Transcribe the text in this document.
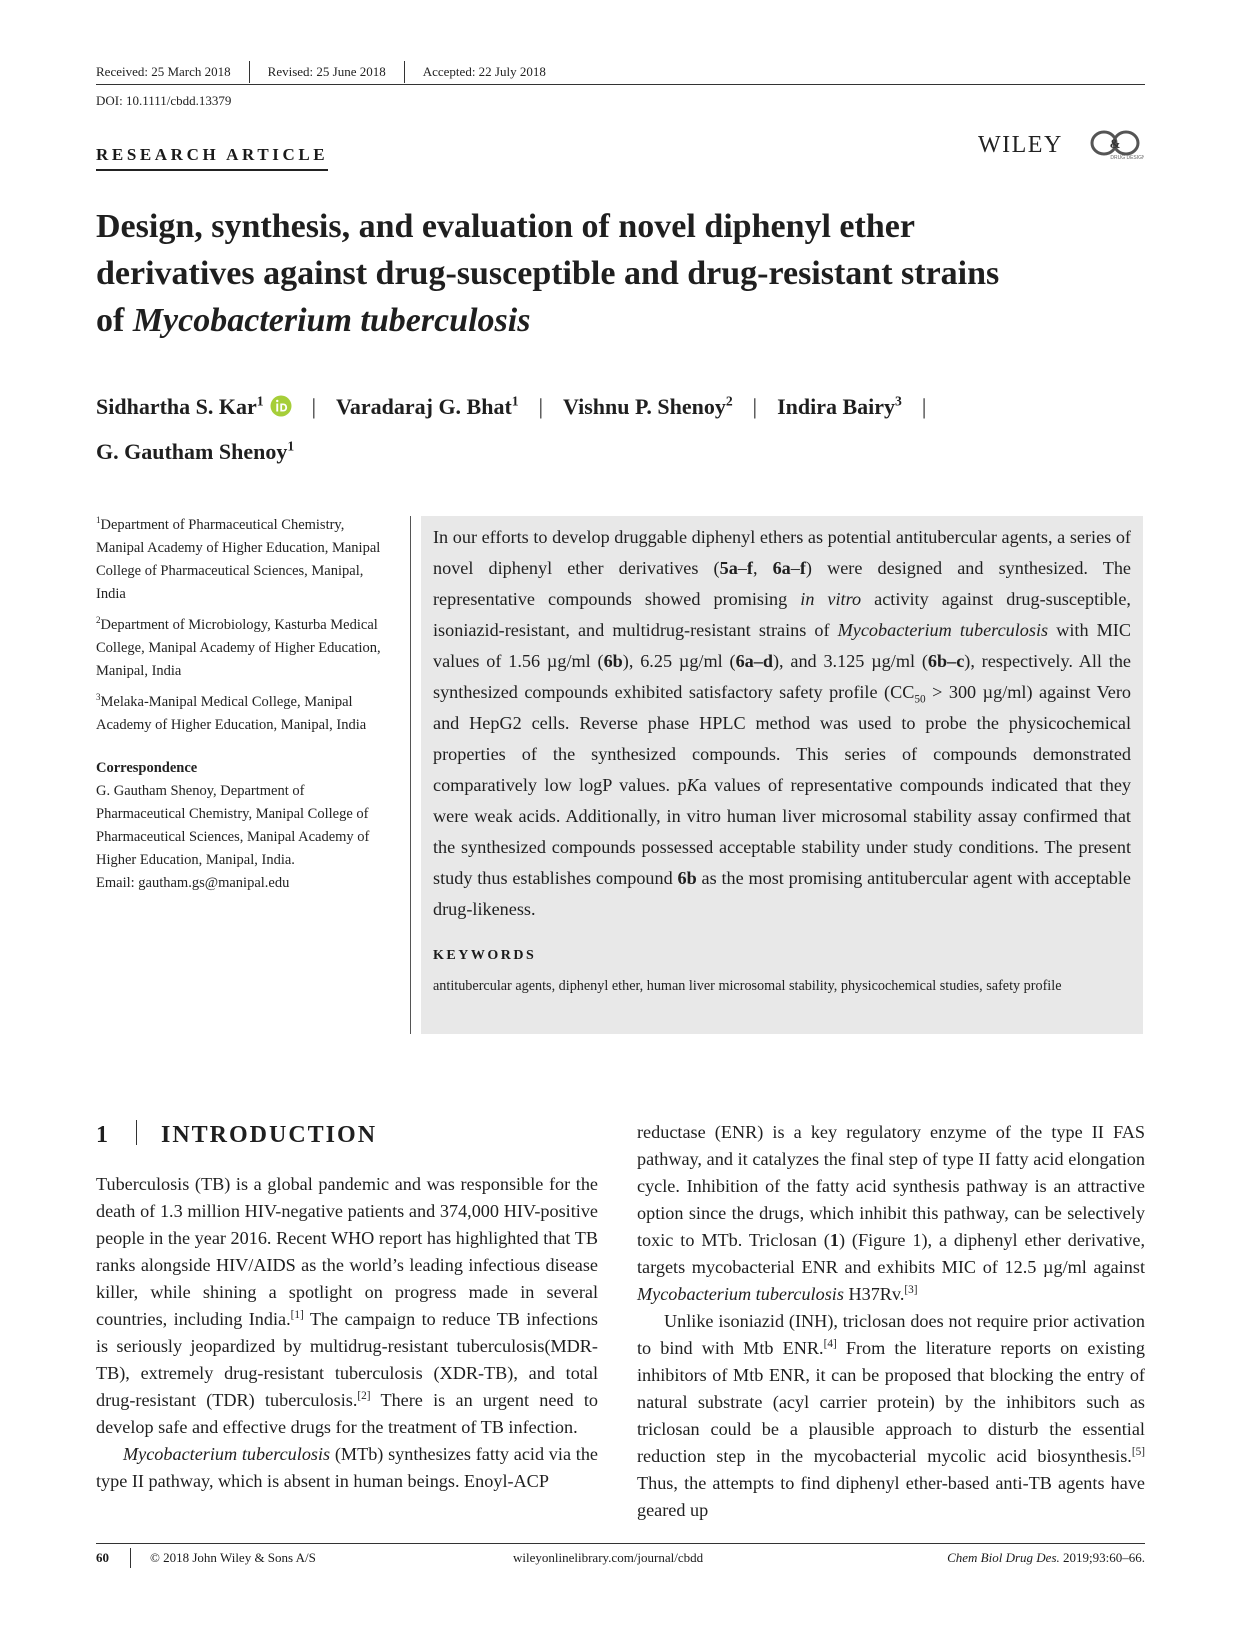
Received: 25 March 2018	Revised: 25 June 2018	Accepted: 22 July 2018
DOI: 10.1111/cbdd.13379
RESEARCH ARTICLE	WILEY	&
DRUG DESIGN
Design, synthesis, and evaluation of novel diphenyl ether
derivatives against drug-susceptible and drug-resistant strains
of Mycobacterium tuberculosis
Sidhartha S. Kar$^1$ | Varadaraj G. Bhat$^1$ | Vishnu P. Shenoy$^2$ | Indira Bairy$^3$ |
G. Gautham Shenoy$^1$
$^1$Department of Pharmaceutical Chemistry, Manipal Academy of Higher Education, Manipal College of Pharmaceutical Sciences, Manipal, India
$^2$Department of Microbiology, Kasturba Medical College, Manipal Academy of Higher Education, Manipal, India
$^3$Melaka-Manipal Medical College, Manipal Academy of Higher Education, Manipal, India
Correspondence
G. Gautham Shenoy, Department of Pharmaceutical Chemistry, Manipal College of Pharmaceutical Sciences, Manipal Academy of Higher Education, Manipal, India.
Email: gautham.gs@manipal.edu

In our efforts to develop druggable diphenyl ethers as potential antitubercular agents, a series of novel diphenyl ether derivatives (5a–f, 6a–f) were designed and synthesized. The representative compounds showed promising in vitro activity against drug-susceptible, isoniazid-resistant, and multidrug-resistant strains of Mycobacterium tuberculosis with MIC values of 1.56 µg/ml (6b), 6.25 µg/ml (6a–d), and 3.125 µg/ml (6b–c), respectively. All the synthesized compounds exhibited satisfactory safety profile ($CC_{50} > 300$ µg/ml) against Vero and HepG2 cells. Reverse phase HPLC method was used to probe the physicochemical properties of the synthesized compounds. This series of compounds demonstrated comparatively low logP values. pKa values of representative compounds indicated that they were weak acids. Additionally, in vitro human liver microsomal stability assay confirmed that the synthesized compounds possessed acceptable stability under study conditions. The present study thus establishes compound 6b as the most promising antitubercular agent with acceptable drug-likeness.

KEYWORDS
antitubercular agents, diphenyl ether, human liver microsomal stability, physicochemical studies, safety profile
1 INTRODUCTION

Tuberculosis (TB) is a global pandemic and was responsible for the death of 1.3 million HIV-negative patients and 374,000 HIV-positive people in the year 2016. Recent WHO report has highlighted that TB ranks alongside HIV/AIDS as the world’s leading infectious disease killer, while shining a spotlight on progress made in several countries, including India.[1] The campaign to reduce TB infections is seriously jeopardized by multidrug-resistant tuberculosis(MDR-TB), extremely drug-resistant tuberculosis (XDR-TB), and total drug-resistant (TDR) tuberculosis.[2] There is an urgent need to develop safe and effective drugs for the treatment of TB infection.

Mycobacterium tuberculosis (MTb) synthesizes fatty acid via the type II pathway, which is absent in human beings. Enoyl-ACP

reductase (ENR) is a key regulatory enzyme of the type II FAS pathway, and it catalyzes the final step of type II fatty acid elongation cycle. Inhibition of the fatty acid synthesis pathway is an attractive option since the drugs, which inhibit this pathway, can be selectively toxic to MTb. Triclosan (1) (Figure 1), a diphenyl ether derivative, targets mycobacterial ENR and exhibits MIC of 12.5 µg/ml against Mycobacterium tuberculosis H37Rv.[3]

Unlike isoniazid (INH), triclosan does not require prior activation to bind with Mtb ENR.[4] From the literature reports on existing inhibitors of Mtb ENR, it can be proposed that blocking the entry of natural substrate (acyl carrier protein) by the inhibitors such as triclosan could be a plausible approach to disturb the essential reduction step in the mycobacterial mycolic acid biosynthesis.[5] Thus, the attempts to find diphenyl ether-based anti-TB agents have geared up

60	© 2018 John Wiley & Sons A/S	wileyonlinelibrary.com/journal/cbdd	Chem Biol Drug Des. 2019;93:60–66.
